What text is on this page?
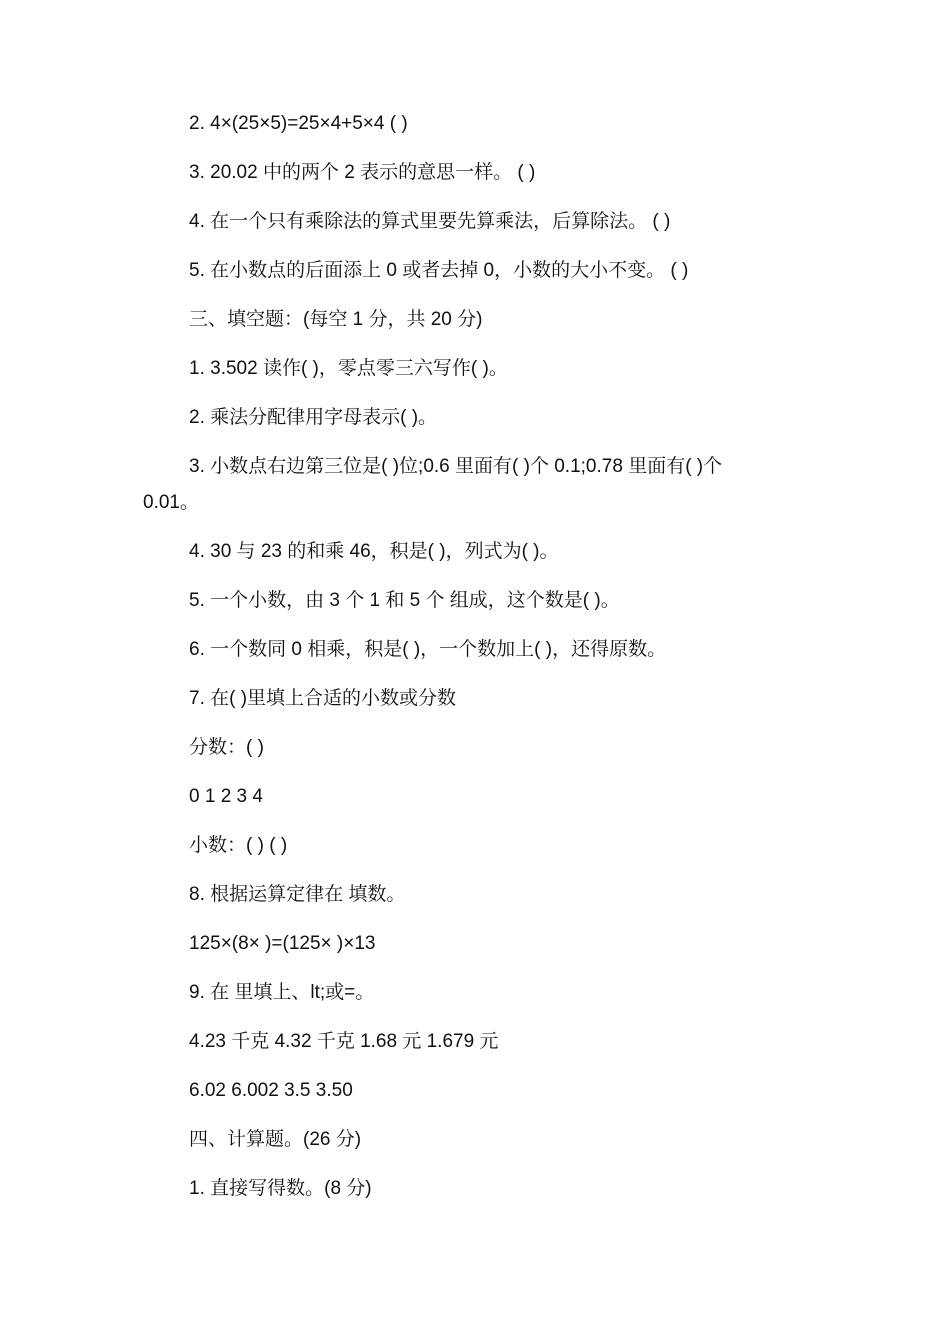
2. 4×(25×5)=25×4+5×4 ( )
3. 20.02 中的两个 2 表示的意思一样。 ( )
4. 在一个只有乘除法的算式里要先算乘法，后算除法。 ( )
5. 在小数点的后面添上 0 或者去掉 0，小数的大小不变。 ( )
三、填空题：(每空 1 分，共 20 分)
1. 3.502 读作( )，零点零三六写作( )。
2. 乘法分配律用字母表示( )。
3. 小数点右边第三位是( )位;0.6 里面有( )个 0.1;0.78 里面有( )个
0.01。
4. 30 与 23 的和乘 46，积是( )，列式为( )。
5. 一个小数，由 3 个 1 和 5 个 组成，这个数是( )。
6. 一个数同 0 相乘，积是( )，一个数加上( )，还得原数。
7. 在( )里填上合适的小数或分数
分数：( )
0 1 2 3 4
小数：( ) ( )
8. 根据运算定律在 填数。
125×(8× )=(125× )×13
9. 在 里填上、lt;或=。
4.23 千克 4.32 千克 1.68 元 1.679 元
6.02 6.002 3.5 3.50
四、计算题。(26 分)
1. 直接写得数。(8 分)
